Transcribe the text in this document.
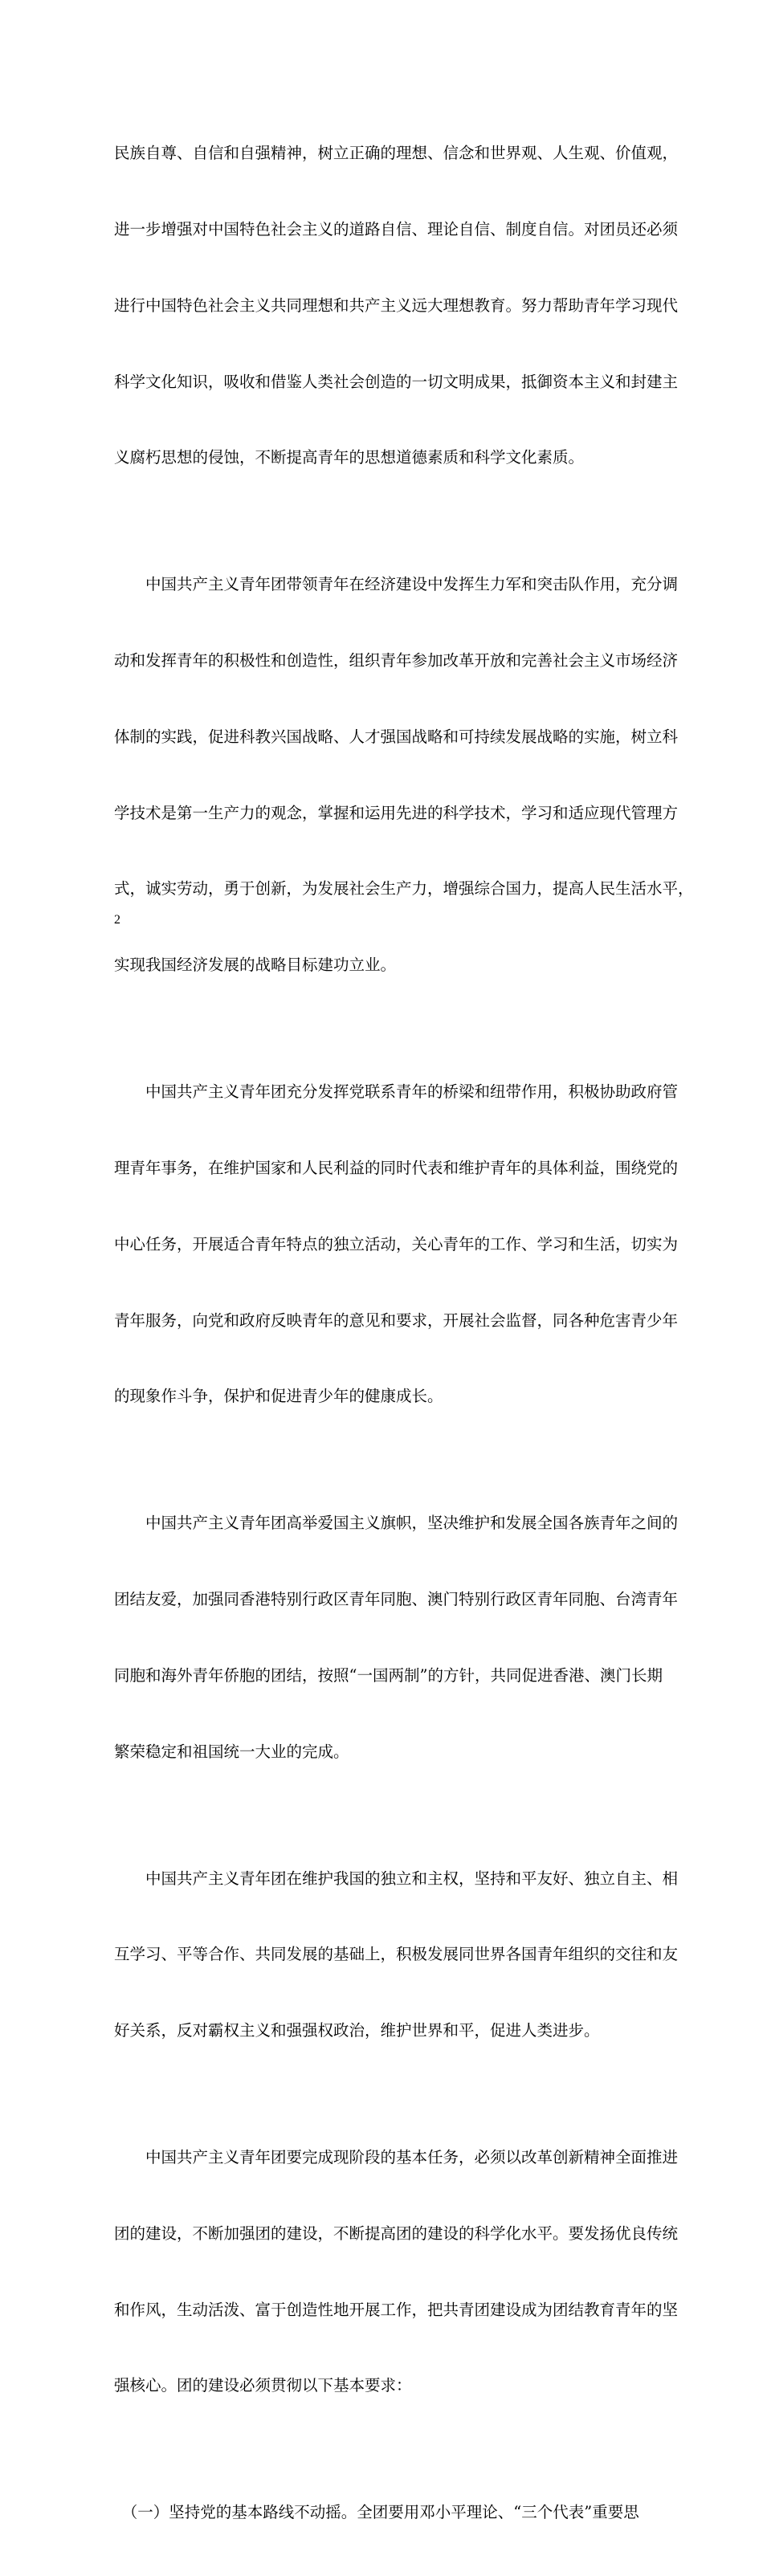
民族自尊、自信和自强精神，树立正确的理想、信念和世界观、人生观、价值观，

进一步增强对中国特色社会主义的道路自信、理论自信、制度自信。对团员还必须

进行中国特色社会主义共同理想和共产主义远大理想教育。努力帮助青年学习现代

科学文化知识，吸收和借鉴人类社会创造的一切文明成果，抵御资本主义和封建主

义腐朽思想的侵蚀，不断提高青年的思想道德素质和科学文化素质。

　　中国共产主义青年团带领青年在经济建设中发挥生力军和突击队作用，充分调

动和发挥青年的积极性和创造性，组织青年参加改革开放和完善社会主义市场经济

体制的实践，促进科教兴国战略、人才强国战略和可持续发展战略的实施，树立科

学技术是第一生产力的观念，掌握和运用先进的科学技术，学习和适应现代管理方

式，诚实劳动，勇于创新，为发展社会生产力，增强综合国力，提高人民生活水平，

实现我国经济发展的战略目标建功立业。

　　中国共产主义青年团充分发挥党联系青年的桥梁和纽带作用，积极协助政府管

理青年事务，在维护国家和人民利益的同时代表和维护青年的具体利益，围绕党的

中心任务，开展适合青年特点的独立活动，关心青年的工作、学习和生活，切实为

青年服务，向党和政府反映青年的意见和要求，开展社会监督，同各种危害青少年

的现象作斗争，保护和促进青少年的健康成长。

　　中国共产主义青年团高举爱国主义旗帜，坚决维护和发展全国各族青年之间的

团结友爱，加强同香港特别行政区青年同胞、澳门特别行政区青年同胞、台湾青年

同胞和海外青年侨胞的团结，按照“一国两制”的方针，共同促进香港、澳门长期

繁荣稳定和祖国统一大业的完成。

　　中国共产主义青年团在维护我国的独立和主权，坚持和平友好、独立自主、相

互学习、平等合作、共同发展的基础上，积极发展同世界各国青年组织的交往和友

好关系，反对霸权主义和强强权政治，维护世界和平，促进人类进步。

　　中国共产主义青年团要完成现阶段的基本任务，必须以改革创新精神全面推进

团的建设，不断加强团的建设，不断提高团的建设的科学化水平。要发扬优良传统

和作风，生动活泼、富于创造性地开展工作，把共青团建设成为团结教育青年的坚

强核心。团的建设必须贯彻以下基本要求：

　（一）坚持党的基本路线不动摇。全团要用邓小平理论、“三个代表”重要思

2
